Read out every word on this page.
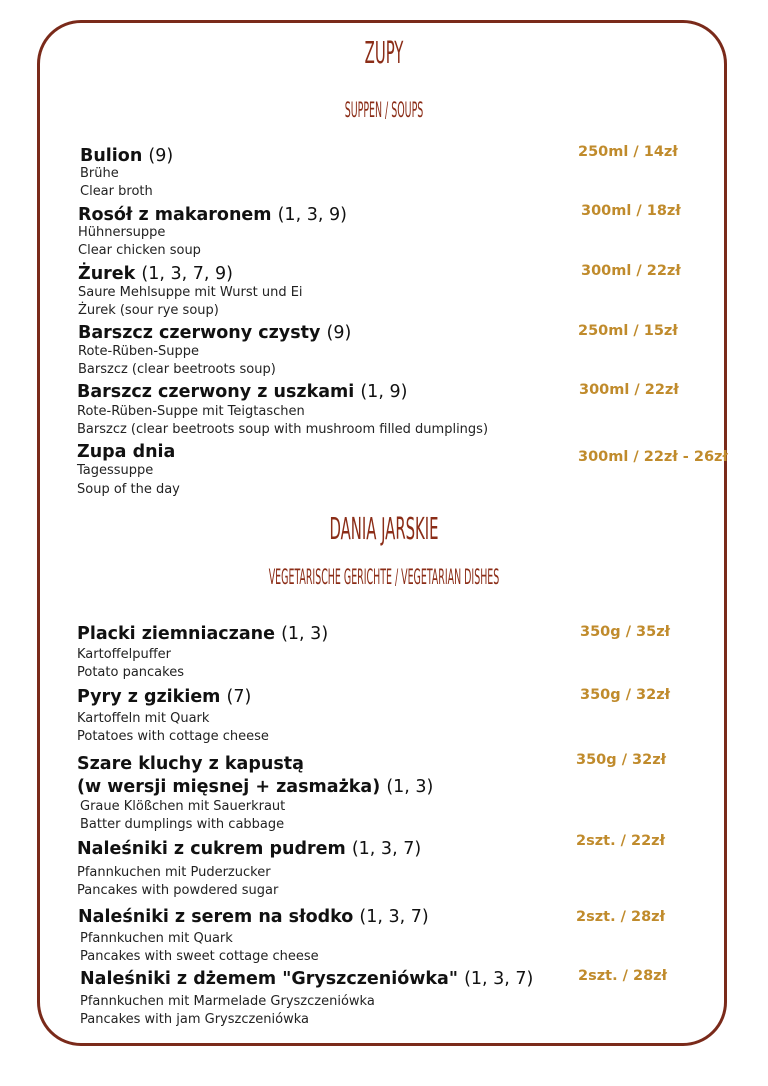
ZUPY
SUPPEN / SOUPS
Bulion (9)
Brühe
Clear broth
250ml / 14zł
Rosół z makaronem (1, 3, 9)
Hühnersuppe
Clear chicken soup
300ml / 18zł
Żurek (1, 3, 7, 9)
Saure Mehlsuppe mit Wurst und Ei
Żurek (sour rye soup)
300ml / 22zł
Barszcz czerwony czysty (9)
Rote-Rüben-Suppe
Barszcz (clear beetroots soup)
250ml / 15zł
Barszcz czerwony z uszkami (1, 9)
Rote-Rüben-Suppe mit Teigtaschen
Barszcz (clear beetroots soup with mushroom filled dumplings)
300ml / 22zł
Zupa dnia
Tagessuppe
Soup of the day
300ml / 22zł - 26zł
DANIA JARSKIE
VEGETARISCHE GERICHTE / VEGETARIAN DISHES
Placki ziemniaczane (1, 3)
Kartoffelpuffer
Potato pancakes
350g / 35zł
Pyry z gzikiem (7)
Kartoffeln mit Quark
Potatoes with cottage cheese
350g / 32zł
Szare kluchy z kapustą
(w wersji mięsnej + zasmażka) (1, 3)
Graue Klößchen mit Sauerkraut
Batter dumplings with cabbage
350g / 32zł
Naleśniki z cukrem pudrem (1, 3, 7)
Pfannkuchen mit Puderzucker
Pancakes with powdered sugar
2szt. / 22zł
Naleśniki z serem na słodko (1, 3, 7)
Pfannkuchen mit Quark
Pancakes with sweet cottage cheese
2szt. / 28zł
Naleśniki z dżemem "Gryszczeniówka" (1, 3, 7)
Pfannkuchen mit Marmelade Gryszczeniówka
Pancakes with jam Gryszczeniówka
2szt. / 28zł
